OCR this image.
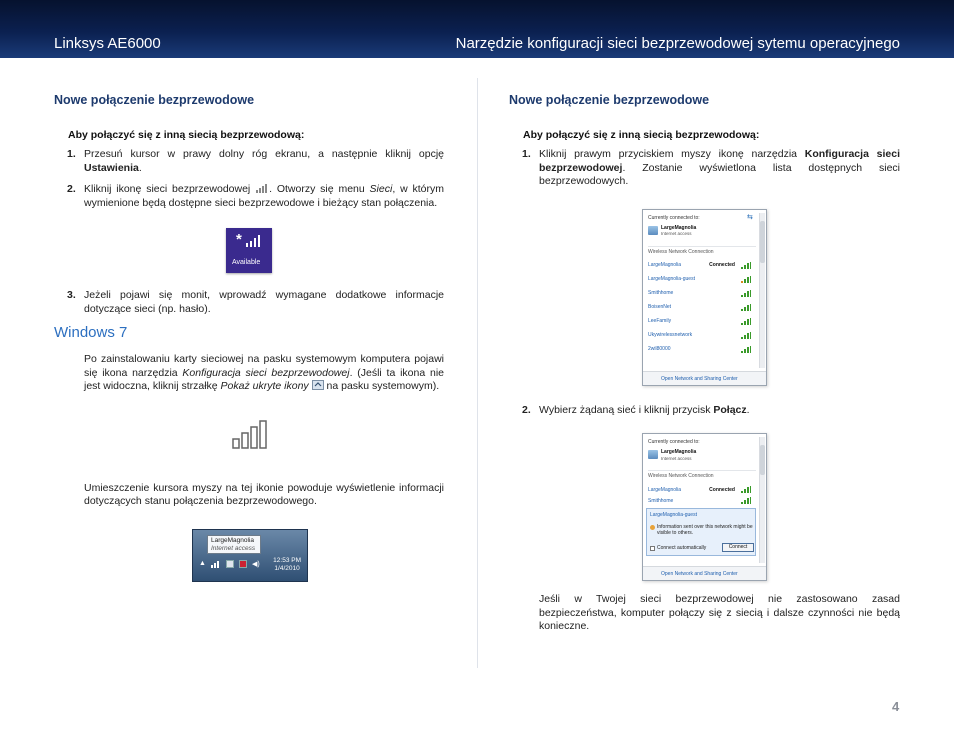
Linksys AE6000	Narzędzie konfiguracji sieci bezprzewodowej sytemu operacyjnego
Nowe połączenie bezprzewodowe
Aby połączyć się z inną siecią bezprzewodową:
1. Przesuń kursor w prawy dolny róg ekranu, a następnie kliknij opcję Ustawienia.
2. Kliknij ikonę sieci bezprzewodowej . Otworzy się menu Sieci, w którym wymienione będą dostępne sieci bezprzewodowe i bieżący stan połączenia.
*
Available
3. Jeżeli pojawi się monit, wprowadź wymagane dodatkowe informacje dotyczące sieci (np. hasło).
Windows 7
Po zainstalowaniu karty sieciowej na pasku systemowym komputera pojawi się ikona narzędzia Konfiguracja sieci bezprzewodowej. (Jeśli ta ikona nie jest widoczna, kliknij strzałkę Pokaż ukryte ikony  na pasku systemowym).
Umieszczenie kursora myszy na tej ikonie powoduje wyświetlenie informacji dotyczących stanu połączenia bezprzewodowego.
LargeMagnolia
Internet access
▲	◀)
12:53 PM
1/4/2010
Nowe połączenie bezprzewodowe
Aby połączyć się z inną siecią bezprzewodową:
1. Kliknij prawym przyciskiem myszy ikonę narzędzia Konfiguracja sieci bezprzewodowej. Zostanie wyświetlona lista dostępnych sieci bezprzewodowych.
Currently connected to:	⇆
LargeMagnolia
Internet access
Wireless Network Connection
LargeMagnolia	Connected
LargeMagnolia-guest
Smithhome
BoisenNet
LeeFamily
Ukywirelessnetwork
2wil80000
Open Network and Sharing Center
2. Wybierz żądaną sieć i kliknij przycisk Połącz.
Currently connected to:
LargeMagnolia
Internet access
Wireless Network Connection
LargeMagnolia	Connected
Smithhome
LargeMagnolia-guest
Information sent over this network might be visible to others.
Connect automatically	Connect
Open Network and Sharing Center
Jeśli w Twojej sieci bezprzewodowej nie zastosowano zasad bezpieczeństwa, komputer połączy się z siecią i dalsze czynności nie będą konieczne.
4
